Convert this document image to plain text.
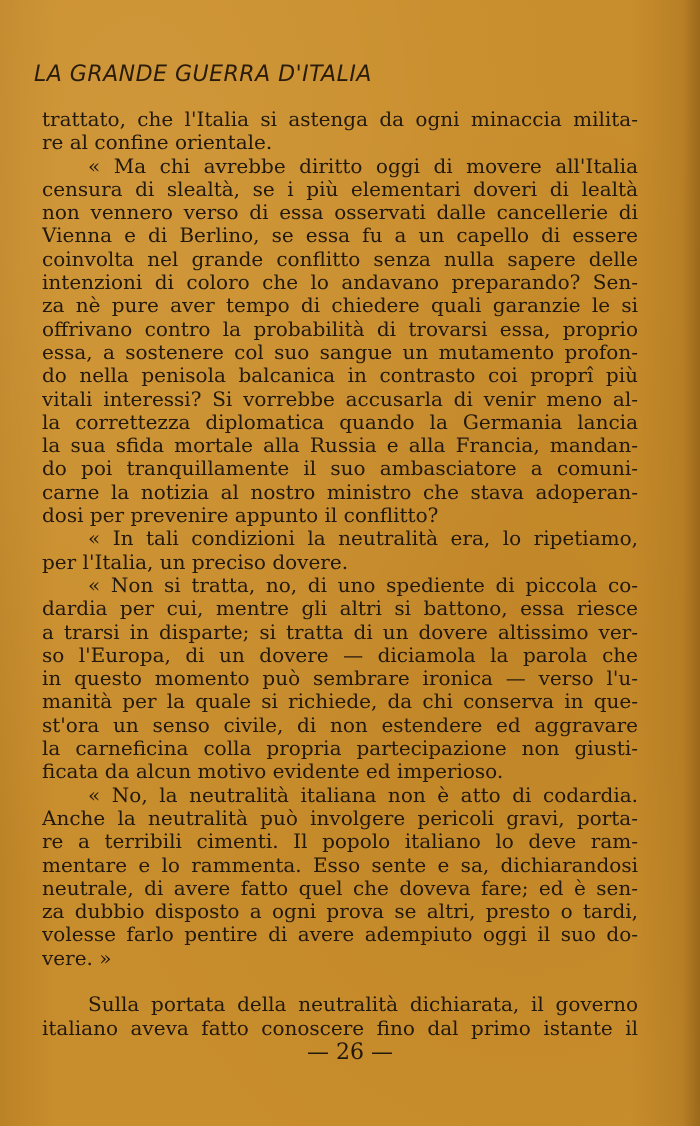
LA GRANDE GUERRA D'ITALIA
trattato, che l'Italia si astenga da ogni minaccia milita-
re al confine orientale.
« Ma chi avrebbe diritto oggi di movere all'Italia
censura di slealtà, se i più elementari doveri di lealtà
non vennero verso di essa osservati dalle cancellerie di
Vienna e di Berlino, se essa fu a un capello di essere
coinvolta nel grande conflitto senza nulla sapere delle
intenzioni di coloro che lo andavano preparando? Sen-
za nè pure aver tempo di chiedere quali garanzie le si
offrivano contro la probabilità di trovarsi essa, proprio
essa, a sostenere col suo sangue un mutamento profon-
do nella penisola balcanica in contrasto coi proprî più
vitali interessi? Si vorrebbe accusarla di venir meno al-
la correttezza diplomatica quando la Germania lancia
la sua sfida mortale alla Russia e alla Francia, mandan-
do poi tranquillamente il suo ambasciatore a comuni-
carne la notizia al nostro ministro che stava adoperan-
dosi per prevenire appunto il conflitto?
« In tali condizioni la neutralità era, lo ripetiamo,
per l'Italia, un preciso dovere.
« Non si tratta, no, di uno spediente di piccola co-
dardia per cui, mentre gli altri si battono, essa riesce
a trarsi in disparte; si tratta di un dovere altissimo ver-
so l'Europa, di un dovere — diciamola la parola che
in questo momento può sembrare ironica — verso l'u-
manità per la quale si richiede, da chi conserva in que-
st'ora un senso civile, di non estendere ed aggravare
la carneficina colla propria partecipazione non giusti-
ficata da alcun motivo evidente ed imperioso.
« No, la neutralità italiana non è atto di codardia.
Anche la neutralità può involgere pericoli gravi, porta-
re a terribili cimenti. Il popolo italiano lo deve ram-
mentare e lo rammenta. Esso sente e sa, dichiarandosi
neutrale, di avere fatto quel che doveva fare; ed è sen-
za dubbio disposto a ogni prova se altri, presto o tardi,
volesse farlo pentire di avere adempiuto oggi il suo do-
vere. »
Sulla portata della neutralità dichiarata, il governo
italiano aveva fatto conoscere fino dal primo istante il
— 26 —
